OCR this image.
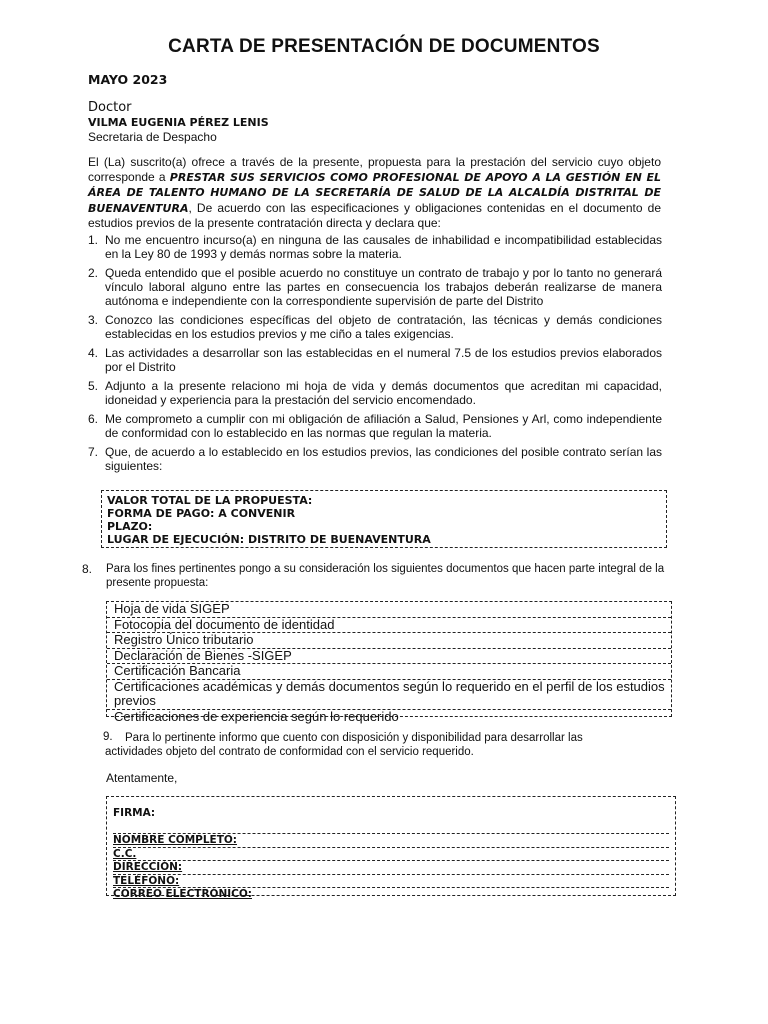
CARTA DE PRESENTACIÓN DE DOCUMENTOS
MAYO 2023
Doctor
VILMA EUGENIA PÉREZ LENIS
Secretaria de Despacho
El (La) suscrito(a) ofrece a través de la presente, propuesta para la prestación del servicio cuyo objeto corresponde a PRESTAR SUS SERVICIOS COMO PROFESIONAL DE APOYO A LA GESTIÓN EN EL ÁREA DE TALENTO HUMANO DE LA SECRETARÍA DE SALUD DE LA ALCALDÍA DISTRITAL DE BUENAVENTURA, De acuerdo con las especificaciones y obligaciones contenidas en el documento de estudios previos de la presente contratación directa y declara que:
1. No me encuentro incurso(a) en ninguna de las causales de inhabilidad e incompatibilidad establecidas en la Ley 80 de 1993 y demás normas sobre la materia.
2. Queda entendido que el posible acuerdo no constituye un contrato de trabajo y por lo tanto no generará vínculo laboral alguno entre las partes en consecuencia los trabajos deberán realizarse de manera autónoma e independiente con la correspondiente supervisión de parte del Distrito
3. Conozco las condiciones específicas del objeto de contratación, las técnicas y demás condiciones establecidas en los estudios previos y me ciño a tales exigencias.
4. Las actividades a desarrollar son las establecidas en el numeral 7.5 de los estudios previos elaborados por el Distrito
5. Adjunto a la presente relaciono mi hoja de vida y demás documentos que acreditan mi capacidad, idoneidad y experiencia para la prestación del servicio encomendado.
6. Me comprometo a cumplir con mi obligación de afiliación a Salud, Pensiones y Arl, como independiente de conformidad con lo establecido en las normas que regulan la materia.
7. Que, de acuerdo a lo establecido en los estudios previos, las condiciones del posible contrato serían las siguientes:
VALOR TOTAL DE LA PROPUESTA:
FORMA DE PAGO: A CONVENIR
PLAZO:
LUGAR DE EJECUCIÓN: DISTRITO DE BUENAVENTURA
8. Para los fines pertinentes pongo a su consideración los siguientes documentos que hacen parte integral de la presente propuesta:
Hoja de vida SIGEP
Fotocopia del documento de identidad
Registro Único tributario
Declaración de Bienes -SIGEP
Certificación Bancaria
Certificaciones académicas y demás documentos según lo requerido en el perfil de los estudios previos
Certificaciones de experiencia según lo requerido
9. Para lo pertinente informo que cuento con disposición y disponibilidad para desarrollar las
actividades objeto del contrato de conformidad con el servicio requerido.
Atentamente,
FIRMA:
NOMBRE COMPLETO:
C.C.
DIRECCIÓN:
TELÉFONO:
CORREO ELECTRÓNICO:
